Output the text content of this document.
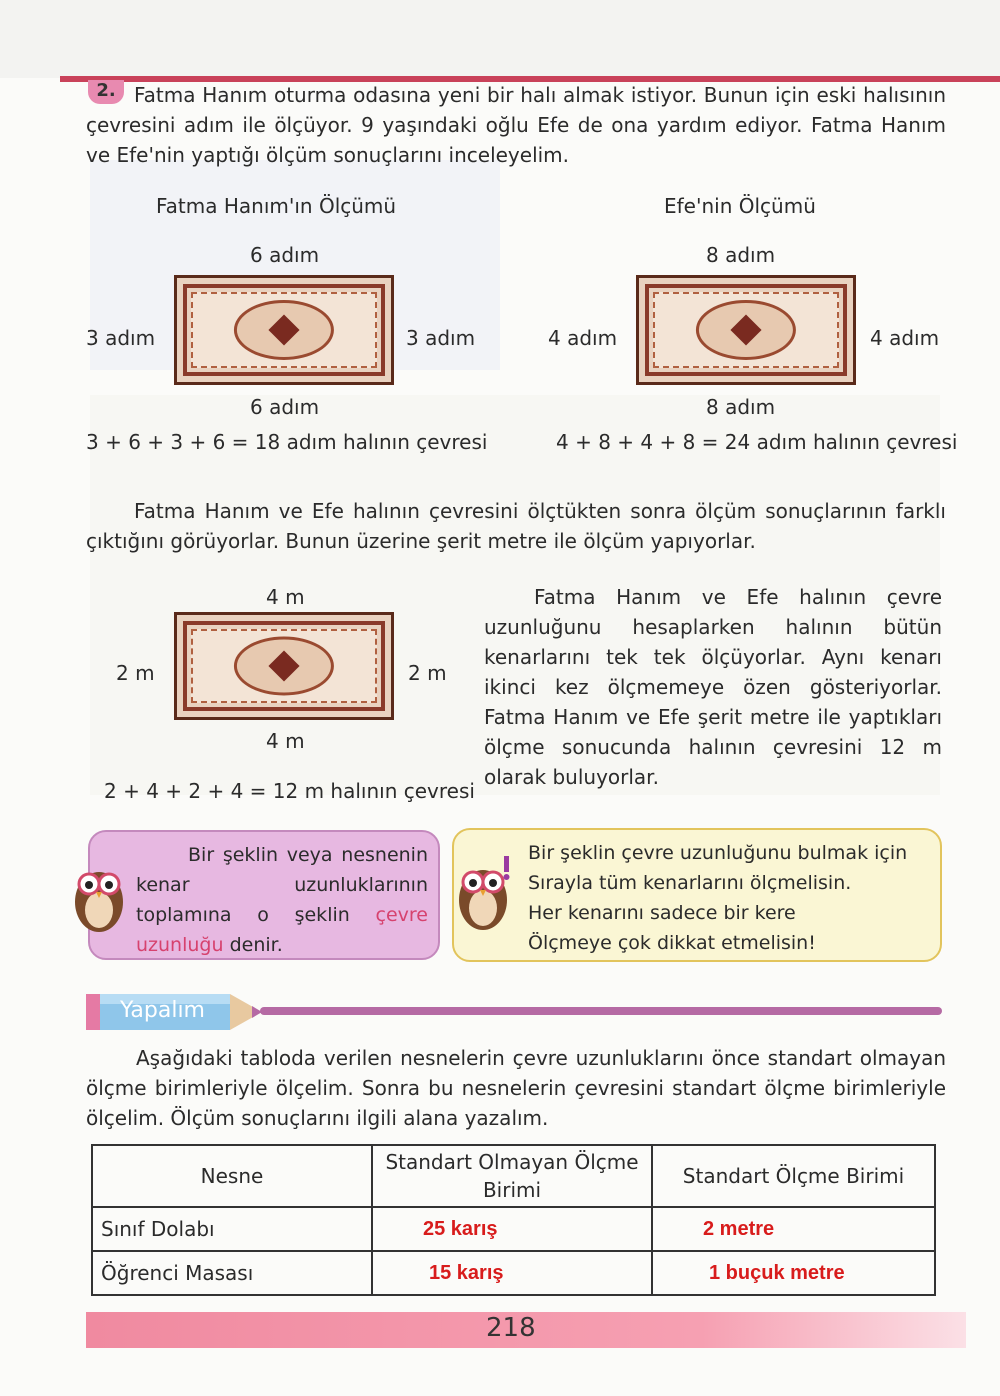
2. Fatma Hanım oturma odasına yeni bir halı almak istiyor. Bunun için eski halısının çevresini adım ile ölçüyor. 9 yaşındaki oğlu Efe de ona yardım ediyor. Fatma Hanım ve Efe'nin yaptığı ölçüm sonuçlarını inceleyelim.
Fatma Hanım'ın Ölçümü
6 adım
3 adım	3 adım
6 adım
3 + 6 + 3 + 6 = 18 adım halının çevresi
Efe'nin Ölçümü
8 adım
4 adım	4 adım
8 adım
4 + 8 + 4 + 8 = 24 adım halının çevresi
Fatma Hanım ve Efe halının çevresini ölçtükten sonra ölçüm sonuçlarının farklı çıktığını görüyorlar. Bunun üzerine şerit metre ile ölçüm yapıyorlar.
4 m
2 m	2 m
4 m
2 + 4 + 2 + 4 = 12 m halının çevresi
Fatma Hanım ve Efe halının çevre uzunluğunu hesaplarken halının bütün kenarlarını tek tek ölçüyorlar. Aynı kenarı ikinci kez ölçmemeye özen gösteriyorlar. Fatma Hanım ve Efe şerit metre ile yaptıkları ölçme sonucunda halının çevresini 12 m olarak buluyorlar.
Bir şeklin veya nesnenin kenar uzunluklarının toplamına o şeklin çevre uzunluğu denir.
Bir şeklin çevre uzunluğunu bulmak için
Sırayla tüm kenarlarını ölçmelisin.
Her kenarını sadece bir kere
Ölçmeye çok dikkat etmelisin!
Yapalım
Aşağıdaki tabloda verilen nesnelerin çevre uzunluklarını önce standart olmayan ölçme birimleriyle ölçelim. Sonra bu nesnelerin çevresini standart ölçme birimleriyle ölçelim. Ölçüm sonuçlarını ilgili alana yazalım.
Nesne	Standart Olmayan Ölçme Birimi	Standart Ölçme Birimi
Sınıf Dolabı	25 karış	2 metre
Öğrenci Masası	15 karış	1 buçuk metre
218
